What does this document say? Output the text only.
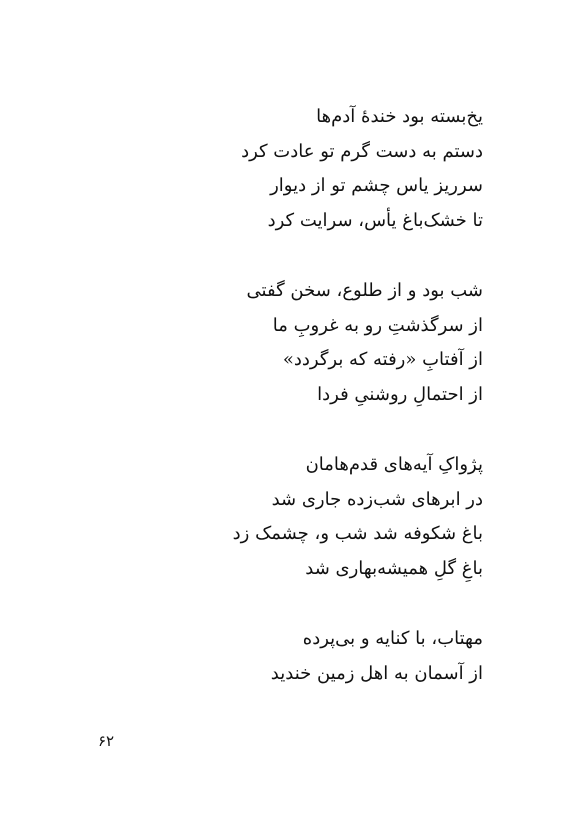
یخ‌بسته بود خندهٔ آدم‌ها
دستم به دست گرم تو عادت کرد
سرریز یاس چشم تو از دیوار
تا خشک‌باغ یأس، سرایت کرد
شب بود و از طلوع، سخن گفتی
از سرگذشتِ رو به غروبِ ما
از آفتابِ «رفته که برگردد»
از احتمالِ روشنیِ فردا
پژواکِ آیه‌های قدم‌هامان
در ابرهای شب‌زده جاری شد
باغ شکوفه شد شب و، چشمک زد
باغِ گلِ همیشه‌بهاری شد
مهتاب، با کنایه و بی‌پرده
از آسمان به اهل زمین خندید
۶۲
